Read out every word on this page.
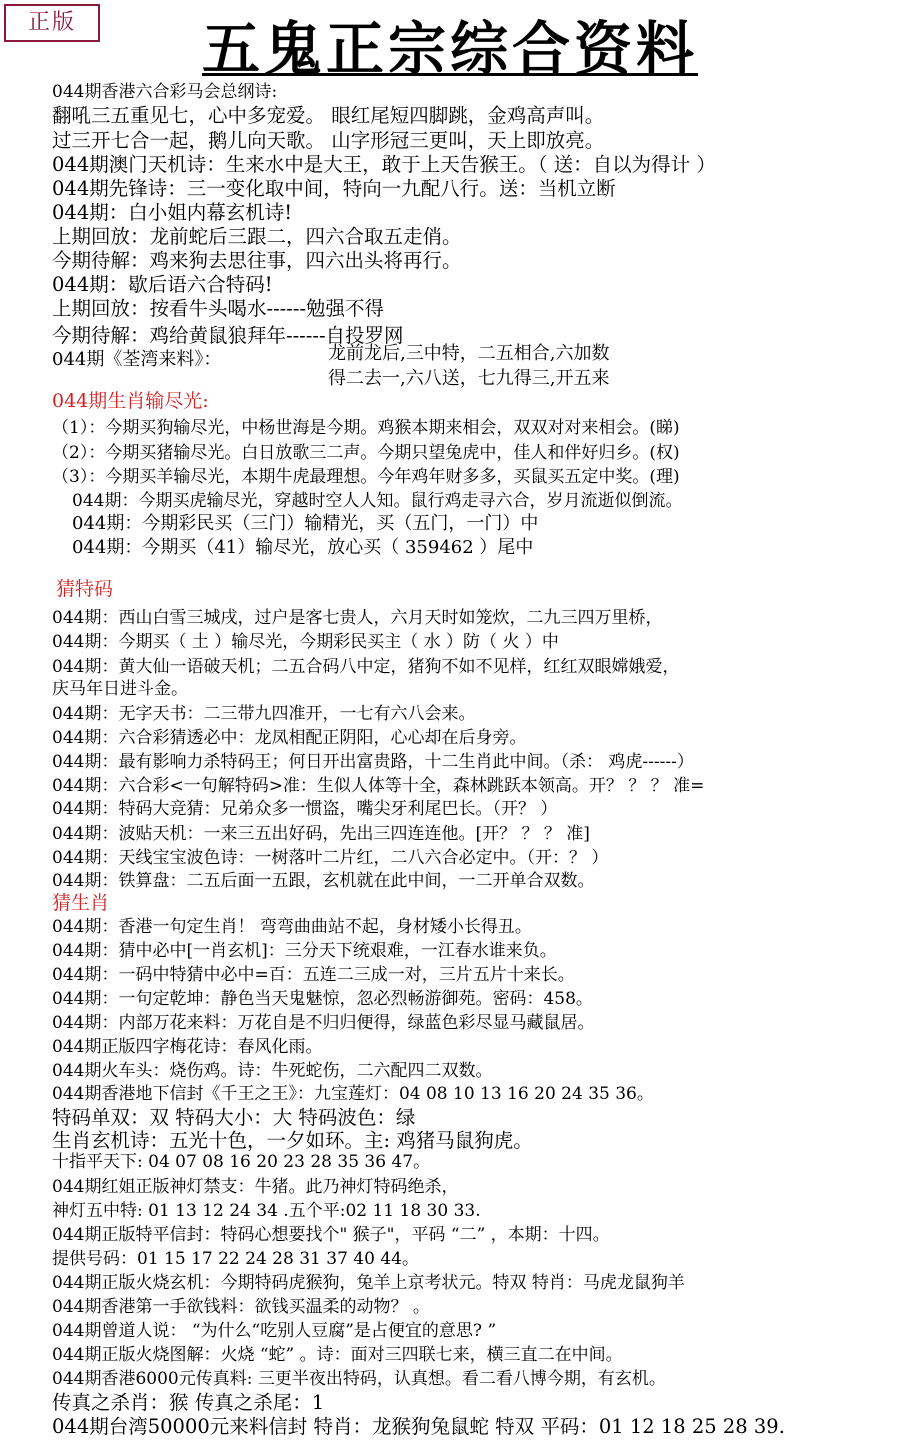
正版	五鬼正宗综合资料
044期香港六合彩马会总纲诗:
翻吼三五重见七，心中多宠爱。 眼红尾短四脚跳，金鸡高声叫。
过三开七合一起，鹅儿向天歌。 山字形冠三更叫，天上即放亮。
044期澳门天机诗：生来水中是大王，敢于上天告猴王。（ 送：自以为得计 ）
044期先锋诗：三一变化取中间，特向一九配八行。送：当机立断
044期：白小姐内幕玄机诗!
上期回放：龙前蛇后三跟二，四六合取五走俏。
今期待解：鸡来狗去思往事，四六出头将再行。
044期：歇后语六合特码!
上期回放：按看牛头喝水------勉强不得
今期待解：鸡给黄鼠狼拜年------自投罗网
044期《荃湾来料》：	龙前龙后,三中特，二五相合,六加数
得二去一,六八送，七九得三,开五来
044期生肖输尽光:
（1）：今期买狗输尽光，中杨世海是今期。鸡猴本期来相会，双双对对来相会。(睇)
（2）：今期买猪输尽光。白日放歌三二声。今期只望兔虎中，佳人和伴好归乡。(权)
（3）：今期买羊输尽光，本期牛虎最理想。今年鸡年财多多，买鼠买五定中奖。(理)
044期：今期买虎输尽光，穿越时空人人知。鼠行鸡走寻六合，岁月流逝似倒流。
044期：今期彩民买（三门）输精光，买（五门，一门）中
044期：今期买（41）输尽光，放心买（ 359462 ）尾中
猜特码
044期：西山白雪三城戌，过户是客七贵人，六月天时如笼炊，二九三四万里桥，
044期：今期买（ 土 ）输尽光，今期彩民买主（ 水 ）防（ 火 ）中
044期：黄大仙一语破天机；二五合码八中定，猪狗不如不见样，红红双眼嫦娥爱，
庆马年日进斗金。
044期：无字天书：二三带九四准开，一七有六八会来。
044期：六合彩猜透必中：龙凤相配正阴阳，心心却在后身旁。
044期：最有影响力杀特码王；何日开出富贵路，十二生肖此中间。（杀： 鸡虎------）
044期：六合彩<一句解特码>准：生似人体等十全，森林跳跃本领高。开？ ？ ？ 准=
044期：特码大竞猜：兄弟众多一惯盗，嘴尖牙利尾巴长。（开？ ）
044期：波贴天机：一来三五出好码，先出三四连连他。[开？ ？ ？ 准]
044期：天线宝宝波色诗：一树落叶二片红，二八六合必定中。（开：？ ）
044期：铁算盘：二五后面一五跟，玄机就在此中间，一二开单合双数。
猜生肖
044期：香港一句定生肖！ 弯弯曲曲站不起，身材矮小长得丑。
044期：猜中必中[一肖玄机]：三分天下统艰难，一江春水谁来负。
044期：一码中特猜中必中=百：五连二三成一对，三片五片十来长。
044期：一句定乾坤：静色当天鬼魅惊，忽必烈畅游御苑。密码：458。
044期：内部万花来料：万花自是不归归便得，绿蓝色彩尽显马藏鼠居。
044期正版四字梅花诗：春风化雨。
044期火车头：烧伤鸡。诗：牛死蛇伤，二六配四二双数。
044期香港地下信封《千王之王》：九宝莲灯：04 08 10 13 16 20 24 35 36。
特码单双：双 特码大小：大 特码波色：绿
生肖玄机诗：五光十色，一夕如环。主: 鸡猪马鼠狗虎。
十指平天下: 04 07 08 16 20 23 28 35 36 47。
044期红姐正版神灯禁支：牛猪。此乃神灯特码绝杀，
神灯五中特: 01 13 12 24 34 .五个平:02 11 18 30 33.
044期正版特平信封：特码心想要找个" 猴子"，平码 “二” ，本期：十四。
提供号码：01 15 17 22 24 28 31 37 40 44。
044期正版火烧玄机：今期特码虎猴狗，兔羊上京考状元。特双 特肖：马虎龙鼠狗羊
044期香港第一手欲钱料：欲钱买温柔的动物？ 。
044期曾道人说： “为什么“吃别人豆腐”是占便宜的意思? ”
044期正版火烧图解：火烧 “蛇” 。诗：面对三四联七来，横三直二在中间。
044期香港6000元传真料: 三更半夜出特码，认真想。看二看八博今期，有玄机。
传真之杀肖：猴 传真之杀尾：1
044期台湾50000元来料信封 特肖：龙猴狗兔鼠蛇 特双 平码：01 12 18 25 28 39.
